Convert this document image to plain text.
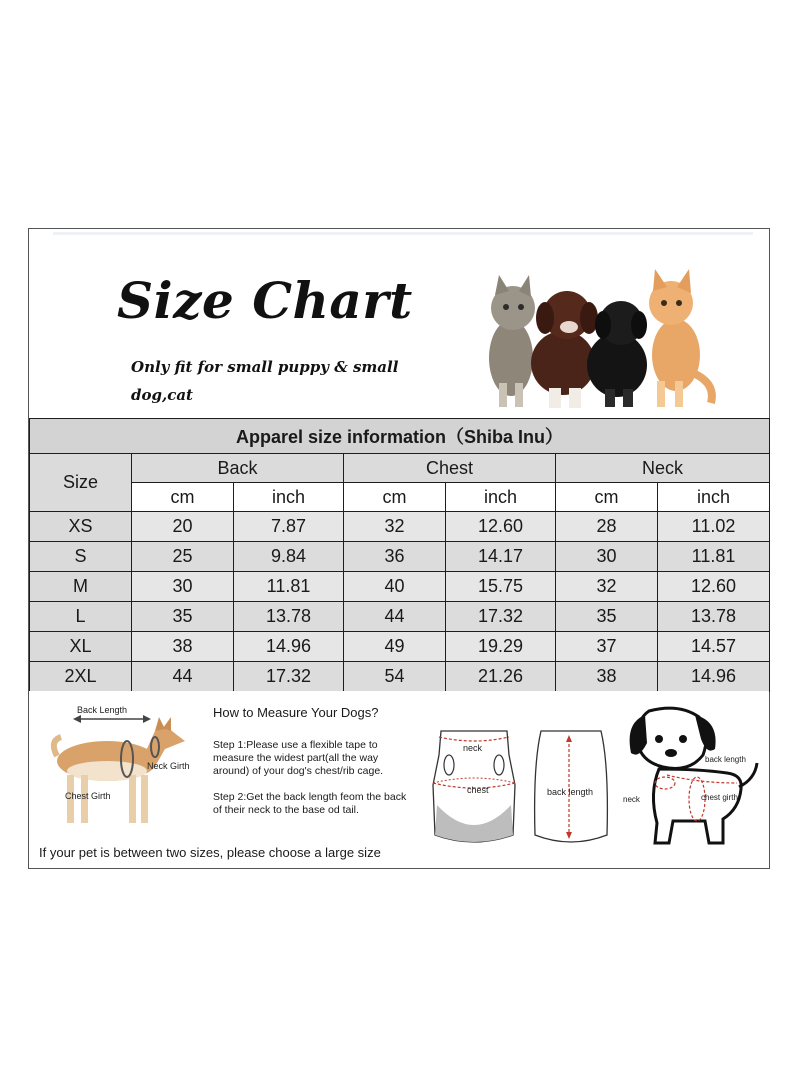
Size Chart
Only fit for small puppy & small dog,cat
Apparel size information（Shiba Inu）						
Size	Back		Chest		Neck	
	cm	inch	cm	inch	cm	inch
XS	20	7.87	32	12.60	28	11.02
S	25	9.84	36	14.17	30	11.81
M	30	11.81	40	15.75	32	12.60
L	35	13.78	44	17.32	35	13.78
XL	38	14.96	49	19.29	37	14.57
2XL	44	17.32	54	21.26	38	14.96
Back Length
Neck Girth
Chest Girth
How to Measure Your Dogs?
Step 1:Please use a flexible tape to measure the widest part(all the way around) of your dog's chest/rib cage.
Step 2:Get the back length feom the back of their neck to the base od tail.
neck
chest	back length
back length
neck	chest girth
If your pet is between two sizes, please choose a large size
